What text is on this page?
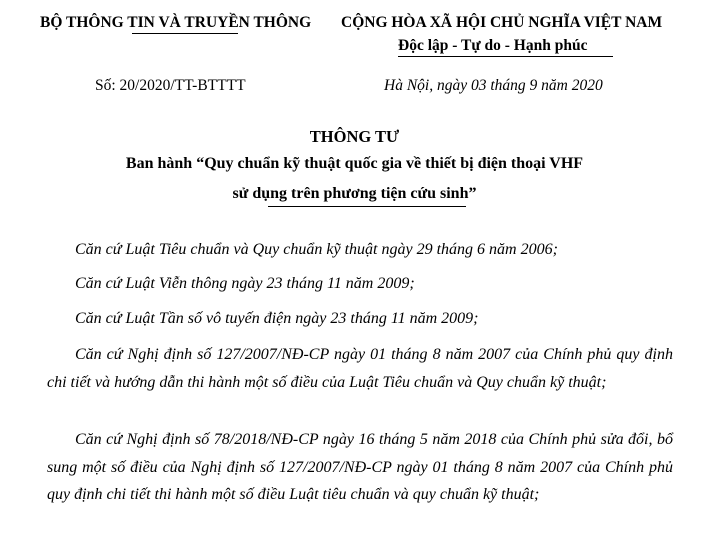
BỘ THÔNG TIN VÀ TRUYỀN THÔNG CỘNG HÒA XÃ HỘI CHỦ NGHĨA VIỆT NAM
Độc lập - Tự do - Hạnh phúc
Số: 20/2020/TT-BTTTT	Hà Nội, ngày 03 tháng 9 năm 2020
THÔNG TƯ
Ban hành “Quy chuẩn kỹ thuật quốc gia về thiết bị điện thoại VHF
sử dụng trên phương tiện cứu sinh”
Căn cứ Luật Tiêu chuẩn và Quy chuẩn kỹ thuật ngày 29 tháng 6 năm 2006;
Căn cứ Luật Viễn thông ngày 23 tháng 11 năm 2009;
Căn cứ Luật Tần số vô tuyến điện ngày 23 tháng 11 năm 2009;
Căn cứ Nghị định số 127/2007/NĐ-CP ngày 01 tháng 8 năm 2007 của Chính phủ quy định chi tiết và hướng dẫn thi hành một số điều của Luật Tiêu chuẩn và Quy chuẩn kỹ thuật;
Căn cứ Nghị định số 78/2018/NĐ-CP ngày 16 tháng 5 năm 2018 của Chính phủ sửa đổi, bổ sung một số điều của Nghị định số 127/2007/NĐ-CP ngày 01 tháng 8 năm 2007 của Chính phủ quy định chi tiết thi hành một số điều Luật tiêu chuẩn và quy chuẩn kỹ thuật;
